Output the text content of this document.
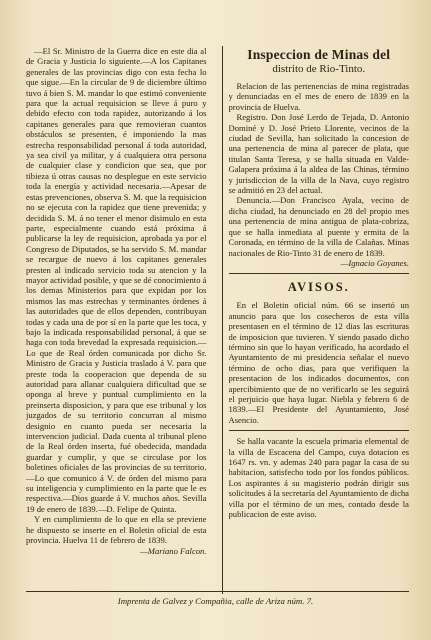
—El Sr. Ministro de la Guerra dice en este dia al de Gracia y Justicia lo siguiente.—A los Capitanes generales de las provincias digo con esta fecha lo que sigue.—En la circular de 9 de diciembre último tuvo á bien S. M. mandar lo que estimó conveniente para que la actual requisicion se lleve á puro y debido efecto con toda rapidez, autorizando á los capitanes generales para que removieran cuantos obstáculos se presenten, é imponiendo la mas estrecha responsabilidad personal á toda autoridad, ya sea civil ya militar, y á cualquiera otra persona de cualquier clase y condicion que sea, que por tibieza ú otras causas no desplegue en este servicio toda la energía y actividad necesaria.—Apesar de estas prevenciones, observa S. M. que la requisicion no se ejecuta con la rapidez que tiene prevenida; y decidida S. M. á no tener el menor disimulo en esta parte, especialmente cuando está próxima á publicarse la ley de requisicion, aprobada ya por el Congreso de Diputados, se ha servido S. M. mandar se recargue de nuevo á los capitanes generales presten al indicado servicio toda su atencion y la mayor actividad posible, y que se dé conocimiento á los demas Ministerios para que expidan por los mismos las mas estrechas y terminantes órdenes á las autoridades que de ellos dependen, contribuyan todas y cada una de por sí en la parte que les toca, y bajo la indicada responsabilidad personal, á que se haga con toda brevedad la expresada requisicion.—Lo que de Real órden comunicada por dicho Sr. Ministro de Gracia y Justicia traslado á V. para que preste toda la cooperacion que dependa de su autoridad para allanar cualquiera dificultad que se oponga al breve y puntual cumplimiento en la preinserta disposicion, y para que ese tribunal y los juzgados de su territorio concurran al mismo designio en cuanto pueda ser necesaria la intervencion judicial. Dada cuenta al tribunal pleno de la Real órden inserta, fué obedecida, mandada guardar y cumplir, y que se circulase por los boletines oficiales de las provincias de su territorio.—Lo que comunico á V. de órden del mismo para su inteligencia y cumplimiento en la parte que le es respectiva.—Dios guarde á V. muchos años. Sevilla 19 de enero de 1839.—D. Felipe de Quinta.

Y en cumplimiento de lo que en ella se previene he dispuesto se inserte en el Boletin oficial de esta provincia. Huelva 11 de febrero de 1839.

—Mariano Falcon.

Inspeccion de Minas del
distrito de Rio-Tinto.

Relacion de las pertenencias de mina registradas y denunciadas en el mes de enero de 1839 en la provincia de Huelva.

Registro. Don José Lerdo de Tejada, D. Antonio Dominé y D. José Prieto Llorente, vecinos de la ciudad de Sevilla, han solicitado la concesion de una pertenencia de mina al parecer de plata, que titulan Santa Teresa, y se halla situada en Valde-Galapera próxima á la aldea de las Chinas, término y jurisdiccion de la villa de la Nava, cuyo registro se admitió en 23 del actual.

Denuncia.—Don Francisco Ayala, vecino de dicha ciudad, ha denunciado en 28 del propio mes una pertenencia de mina antigua de plata-cobriza, que se halla inmediata al puente y ermita de la Coronada, en término de la villa de Calañas. Minas nacionales de Rio-Tinto 31 de enero de 1839.

—Ignacio Goyanes.

AVISOS.

En el Boletin oficial núm. 66 se insertó un anuncio para que los cosecheros de esta villa presentasen en el término de 12 dias las escrituras de imposicion que tuvieren. Y siendo pasado dicho término sin que lo hayan verificado, ha acordado el Ayuntamiento de mi presidencia señalar el nuevo término de ocho dias, para que verifiquen la presentacion de los indicados documentos, con apercibimiento que de no verificarlo se les seguirá el perjuicio que haya lugar. Niebla y febrero 6 de 1839.—El Presidente del Ayuntamiento, José Asencio.

Se halla vacante la escuela primaria elemental de la villa de Escacena del Campo, cuya dotacion es 1647 rs. vn. y ademas 240 para pagar la casa de su habitacion, satisfecho todo por los fondos públicos. Los aspirantes á su magisterio podrán dirigir sus solicitudes á la secretaría del Ayuntamiento de dicha villa por el término de un mes, contado desde la publicacion de este aviso.

Imprenta de Galvez y Compañia, calle de Ariza núm. 7.
